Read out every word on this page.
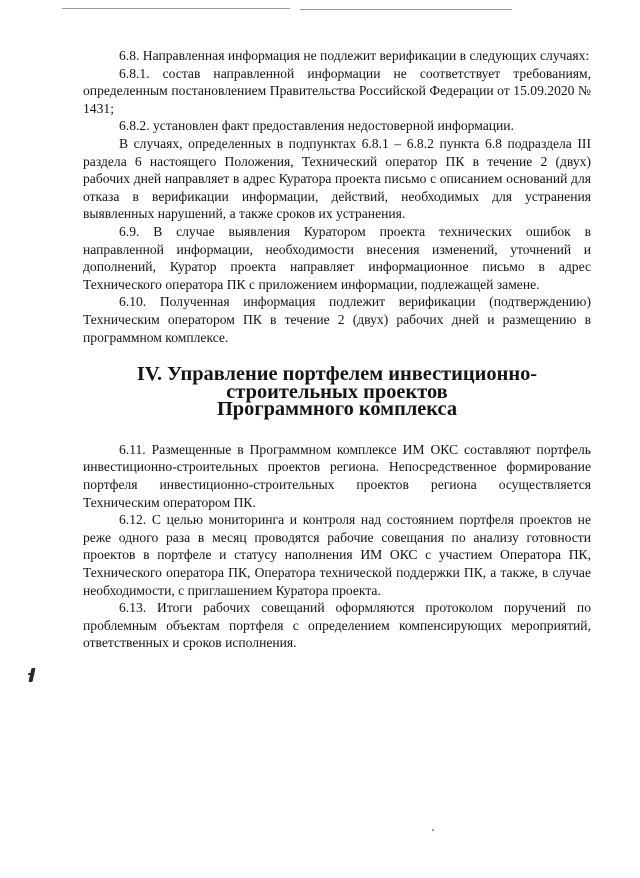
6.8. Направленная информация не подлежит верификации в следующих случаях:

6.8.1. состав направленной информации не соответствует требованиям, определенным постановлением Правительства Российской Федерации от 15.09.2020 № 1431;

6.8.2. установлен факт предоставления недостоверной информации.

В случаях, определенных в подпунктах 6.8.1 – 6.8.2 пункта 6.8 подраздела III раздела 6 настоящего Положения, Технический оператор ПК в течение 2 (двух) рабочих дней направляет в адрес Куратора проекта письмо с описанием оснований для отказа в верификации информации, действий, необходимых для устранения выявленных нарушений, а также сроков их устранения.

6.9. В случае выявления Куратором проекта технических ошибок в направленной информации, необходимости внесения изменений, уточнений и дополнений, Куратор проекта направляет информационное письмо в адрес Технического оператора ПК с приложением информации, подлежащей замене.

6.10. Полученная информация подлежит верификации (подтверждению) Техническим оператором ПК в течение 2 (двух) рабочих дней и размещению в программном комплексе.

IV. Управление портфелем инвестиционно-строительных проектов
Программного комплекса

6.11. Размещенные в Программном комплексе ИМ ОКС составляют портфель инвестиционно-строительных проектов региона. Непосредственное формирование портфеля инвестиционно-строительных проектов региона осуществляется Техническим оператором ПК.

6.12. С целью мониторинга и контроля над состоянием портфеля проектов не реже одного раза в месяц проводятся рабочие совещания по анализу готовности проектов в портфеле и статусу наполнения ИМ ОКС с участием Оператора ПК, Технического оператора ПК, Оператора технической поддержки ПК, а также, в случае необходимости, с приглашением Куратора проекта.

6.13. Итоги рабочих совещаний оформляются протоколом поручений по проблемным объектам портфеля с определением компенсирующих мероприятий, ответственных и сроков исполнения.
